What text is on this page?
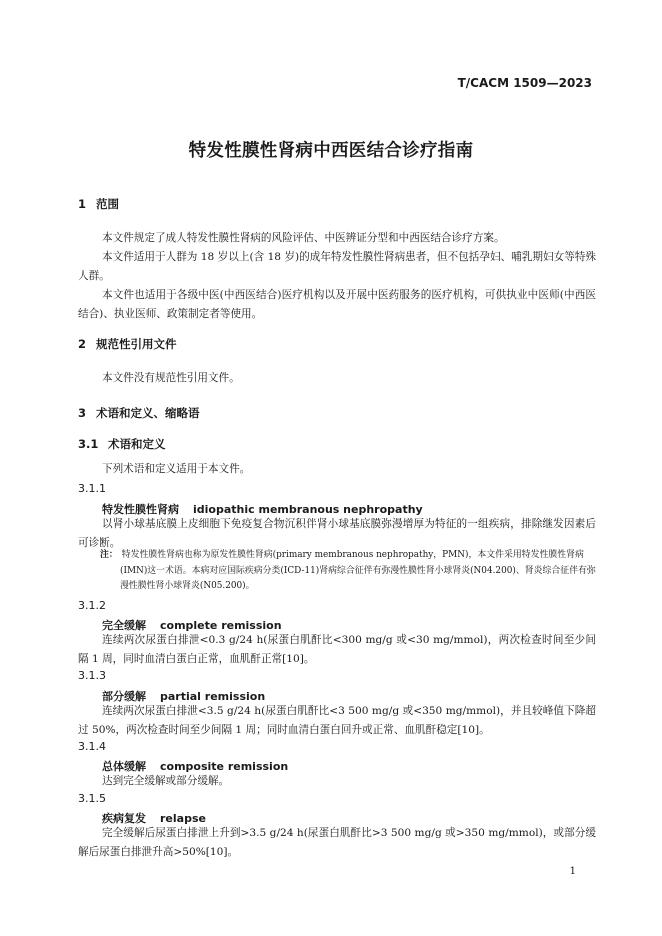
T/CACM 1509—2023
特发性膜性肾病中西医结合诊疗指南
1 范围
本文件规定了成人特发性膜性肾病的风险评估、中医辨证分型和中西医结合诊疗方案。
本文件适用于人群为 18 岁以上(含 18 岁)的成年特发性膜性肾病患者，但不包括孕妇、哺乳期妇女等特殊人群。
本文件也适用于各级中医(中西医结合)医疗机构以及开展中医药服务的医疗机构，可供执业中医师(中西医结合)、执业医师、政策制定者等使用。
2 规范性引用文件
本文件没有规范性引用文件。
3 术语和定义、缩略语
3.1 术语和定义
下列术语和定义适用于本文件。
3.1.1
特发性膜性肾病 idiopathic membranous nephropathy
以肾小球基底膜上皮细胞下免疫复合物沉积伴肾小球基底膜弥漫增厚为特征的一组疾病，排除继发因素后可诊断。
注： 特发性膜性肾病也称为原发性膜性肾病(primary membranous nephropathy，PMN)，本文件采用特发性膜性肾病(IMN)这一术语。本病对应国际疾病分类(ICD-11)肾病综合征伴有弥漫性膜性肾小球肾炎(N04.200)、肾炎综合征伴有弥漫性膜性肾小球肾炎(N05.200)。
3.1.2
完全缓解 complete remission
连续两次尿蛋白排泄<0.3 g/24 h(尿蛋白肌酐比<300 mg/g 或<30 mg/mmol)，两次检查时间至少间隔 1 周，同时血清白蛋白正常，血肌酐正常[10]。
3.1.3
部分缓解 partial remission
连续两次尿蛋白排泄<3.5 g/24 h(尿蛋白肌酐比<3 500 mg/g 或<350 mg/mmol)，并且较峰值下降超过 50%，两次检查时间至少间隔 1 周；同时血清白蛋白回升或正常、血肌酐稳定[10]。
3.1.4
总体缓解 composite remission
达到完全缓解或部分缓解。
3.1.5
疾病复发 relapse
完全缓解后尿蛋白排泄上升到>3.5 g/24 h(尿蛋白肌酐比>3 500 mg/g 或>350 mg/mmol)，或部分缓解后尿蛋白排泄升高>50%[10]。
1
